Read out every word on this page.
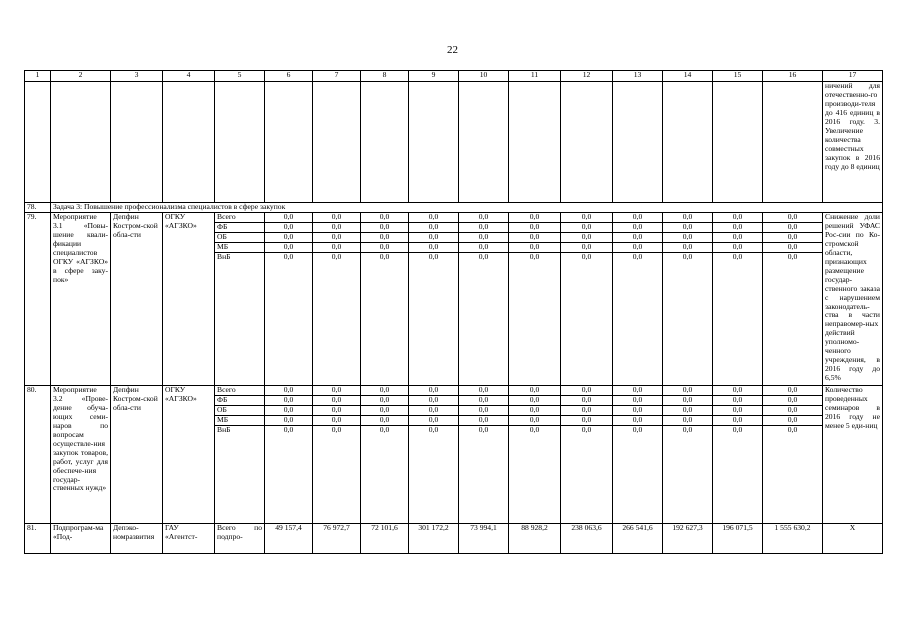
22
1	2	3	4	5	6	7	8	9	10	11	12	13	14	15	16	17
																ничений для отечественно-го производи-теля до 416 единиц в 2016 году. 3. Увеличение количества совместных закупок в 2016 году до 8 единиц
78.	Задача 3: Повышение профессионализма специалистов в сфере закупок															
79.	Мероприятие 3.1 «Повы-шение квали-фикации специалистов ОГКУ «АГЗКО» в сфере заку-пок»	Депфин Костром-ской обла-сти	ОГКУ «АГЗКО»	Всего	0,0	0,0	0,0	0,0	0,0	0,0	0,0	0,0	0,0	0,0	0,0	Снижение доли решений УФАС Рос-сии по Ко-стромской области, признающих размещение государ-ственного заказа с нарушением законодатель-ства в части неправомер-ных действий уполномо-ченного учреждения, в 2016 году до 6,5%
				ФБ	0,0	0,0	0,0	0,0	0,0	0,0	0,0	0,0	0,0	0,0	0,0	
				ОБ	0,0	0,0	0,0	0,0	0,0	0,0	0,0	0,0	0,0	0,0	0,0	
				МБ	0,0	0,0	0,0	0,0	0,0	0,0	0,0	0,0	0,0	0,0	0,0	
				ВнБ	0,0	0,0	0,0	0,0	0,0	0,0	0,0	0,0	0,0	0,0	0,0	
80.	Мероприятие 3.2 «Прове-дение обуча-ющих семи-наров по вопросам осуществле-ния закупок товаров, работ, услуг для обеспече-ния государ-ственных нужд»	Депфин Костром-ской обла-сти	ОГКУ «АГЗКО»	Всего	0,0	0,0	0,0	0,0	0,0	0,0	0,0	0,0	0,0	0,0	0,0	Количество проведенных семинаров в 2016 году не менее 5 еди-ниц
				ФБ	0,0	0,0	0,0	0,0	0,0	0,0	0,0	0,0	0,0	0,0	0,0	
				ОБ	0,0	0,0	0,0	0,0	0,0	0,0	0,0	0,0	0,0	0,0	0,0	
				МБ	0,0	0,0	0,0	0,0	0,0	0,0	0,0	0,0	0,0	0,0	0,0	
				ВнБ	0,0	0,0	0,0	0,0	0,0	0,0	0,0	0,0	0,0	0,0	0,0	
81.	Подпрограм-ма «Под-	Депэко-номразвития	ГАУ «Агентст-	Всего по подпро-	49 157,4	76 972,7	72 101,6	301 172,2	73 994,1	88 928,2	238 063,6	266 541,6	192 627,3	196 071,5	1 555 630,2	Х
